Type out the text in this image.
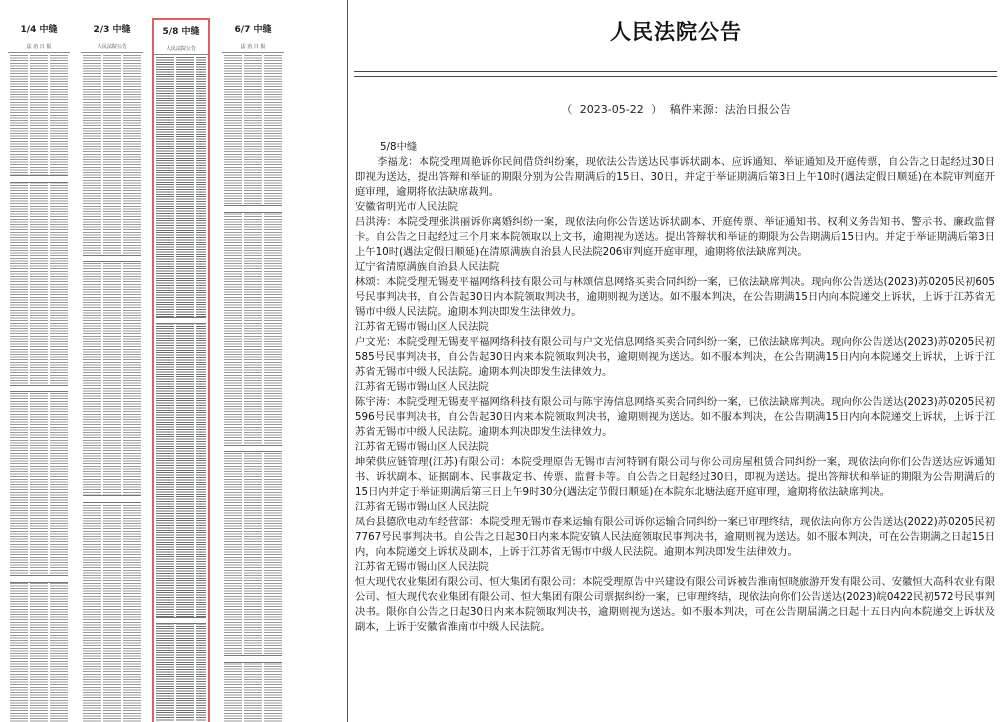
1/4 中缝
法 治 日 报
2/3 中缝
人民法院公告
5/8 中缝
人民法院公告
6/7 中缝
法 治 日 报
人民法院公告
（ 2023-05-22 ） 稿件来源：法治日报公告

5/8中缝

李福龙：本院受理周艳诉你民间借贷纠纷案，现依法公告送达民事诉状副本、应诉通知、举证通知及开庭传票，自公告之日起经过30日即视为送达，提出答辩和举证的期限分别为公告期满后的15日、30日，并定于举证期满后第3日上午10时(遇法定假日顺延)在本院审判庭开庭审理，逾期将依法缺席裁判。

安徽省明光市人民法院

吕洪涛：本院受理张洪丽诉你离婚纠纷一案，现依法向你公告送达诉状副本、开庭传票、举证通知书、权利义务告知书、警示书、廉政监督卡。自公告之日起经过三个月来本院领取以上文书，逾期视为送达。提出答辩状和举证的期限为公告期满后15日内。并定于举证期满后第3日上午10时(遇法定假日顺延)在清原满族自治县人民法院206审判庭开庭审理，逾期将依法缺席判决。

辽宁省清原满族自治县人民法院

林颂：本院受理无锡麦平福网络科技有限公司与林颂信息网络买卖合同纠纷一案，已依法缺席判决。现向你公告送达(2023)苏0205民初605号民事判决书，自公告起30日内本院领取判决书，逾期则视为送达。如不服本判决，在公告期满15日内向本院递交上诉状，上诉于江苏省无锡市中级人民法院。逾期本判决即发生法律效力。

江苏省无锡市锡山区人民法院

户文光：本院受理无锡麦平福网络科技有限公司与户文光信息网络买卖合同纠纷一案，已依法缺席判决。现向你公告送达(2023)苏0205民初585号民事判决书，自公告起30日内来本院领取判决书，逾期则视为送达。如不服本判决，在公告期满15日内向本院递交上诉状，上诉于江苏省无锡市中级人民法院。逾期本判决即发生法律效力。

江苏省无锡市锡山区人民法院

陈宇涛：本院受理无锡麦平福网络科技有限公司与陈宇涛信息网络买卖合同纠纷一案，已依法缺席判决。现向你公告送达(2023)苏0205民初596号民事判决书，自公告起30日内来本院领取判决书，逾期则视为送达。如不服本判决，在公告期满15日内向本院递交上诉状，上诉于江苏省无锡市中级人民法院。逾期本判决即发生法律效力。

江苏省无锡市锡山区人民法院

坤荣供应链管理(江苏)有限公司：本院受理原告无锡市吉河特钢有限公司与你公司房屋租赁合同纠纷一案，现依法向你们公告送达应诉通知书、诉状副本、证据副本、民事裁定书、传票、监督卡等。自公告之日起经过30日，即视为送达。提出答辩状和举证的期限为公告期满后的15日内并定于举证期满后第三日上午9时30分(遇法定节假日顺延)在本院东北塘法庭开庭审理，逾期将依法缺席判决。

江苏省无锡市锡山区人民法院

凤台县德欣电动车经营部：本院受理无锡市春来运输有限公司诉你运输合同纠纷一案已审理终结，现依法向你方公告送达(2022)苏0205民初7767号民事判决书。自公告之日起30日内来本院安镇人民法庭领取民事判决书，逾期则视为送达。如不服本判决，可在公告期满之日起15日内，向本院递交上诉状及副本，上诉于江苏省无锡市中级人民法院。逾期本判决即发生法律效力。

江苏省无锡市锡山区人民法院

恒大现代农业集团有限公司、恒大集团有限公司：本院受理原告中兴建设有限公司诉被告淮南恒晓旅游开发有限公司、安徽恒大高科农业有限公司、恒大现代农业集团有限公司、恒大集团有限公司票据纠纷一案，已审理终结，现依法向你们公告送达(2023)皖0422民初572号民事判决书。限你自公告之日起30日内来本院领取判决书，逾期则视为送达。如不服本判决，可在公告期届满之日起十五日内向本院递交上诉状及副本，上诉于安徽省淮南市中级人民法院。
